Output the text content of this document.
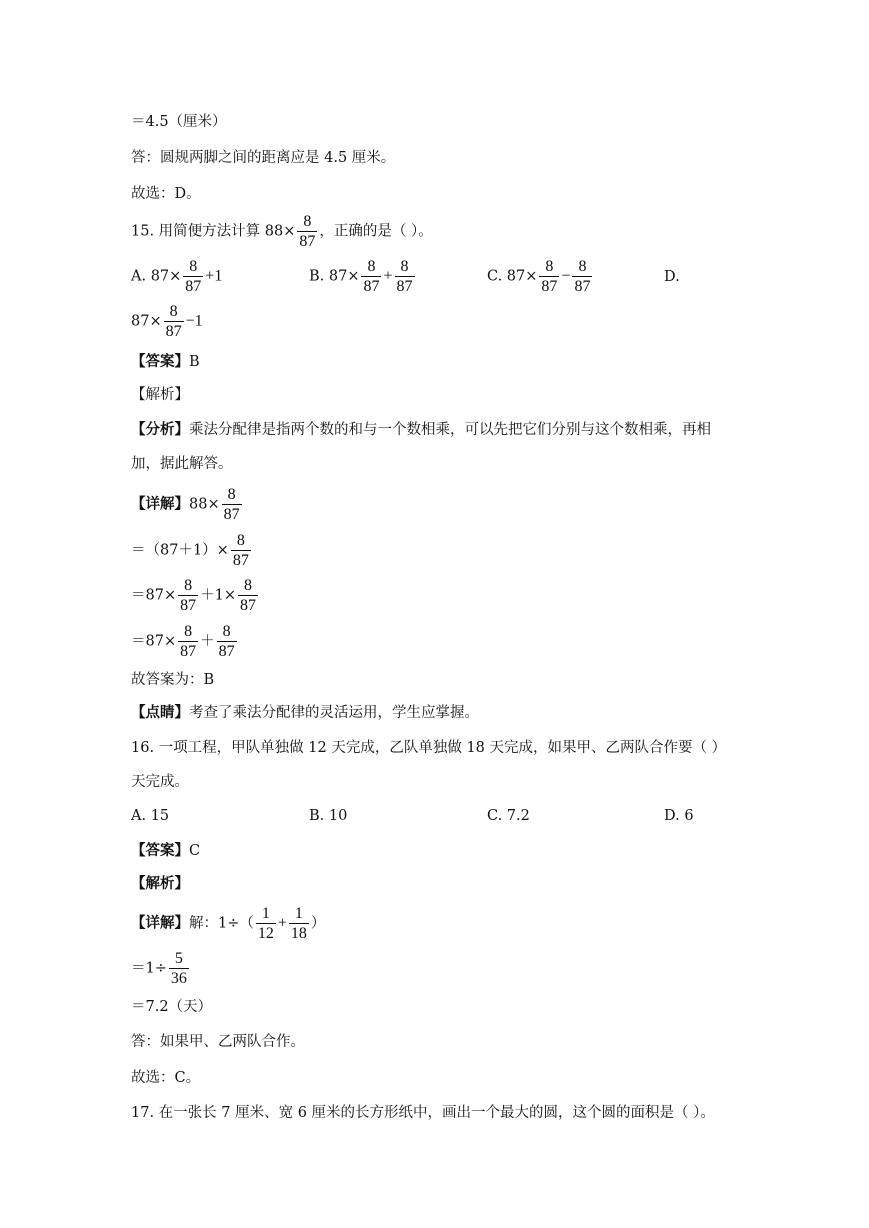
＝4.5（厘米）
答：圆规两脚之间的距离应是 4.5 厘米。
故选：D。
15. 用简便方法计算 $88\times \frac{8}{87}$ ，正确的是（ ）。
A. $87\times \frac{8}{87} +1$	B. $87\times \frac{8}{87} + \frac{8}{87}$	C. $87\times \frac{8}{87} - \frac{8}{87}$	D.
$87\times \frac{8}{87} -1$
【答案】B
【解析】
【分析】乘法分配律是指两个数的和与一个数相乘，可以先把它们分别与这个数相乘，再相
加，据此解答。
【详解】$88\times \frac{8}{87}$
$=(87+1)\times \frac{8}{87}$
$=87\times \frac{8}{87} +1\times \frac{8}{87}$
$=87\times \frac{8}{87} + \frac{8}{87}$
故答案为：B
【点睛】考查了乘法分配律的灵活运用，学生应掌握。
16. 一项工程，甲队单独做 12 天完成，乙队单独做 18 天完成，如果甲、乙两队合作要（ ）
天完成。
A. 15	B. 10	C. 7.2	D. 6
【答案】C
【解析】
【详解】解：$1\div( \frac{1}{12} + \frac{1}{18}$ ）
$=1\div \frac{5}{36}$
＝7.2（天）
答：如果甲、乙两队合作。
故选：C。
17. 在一张长 7 厘米、宽 6 厘米的长方形纸中，画出一个最大的圆，这个圆的面积是（ ）。
